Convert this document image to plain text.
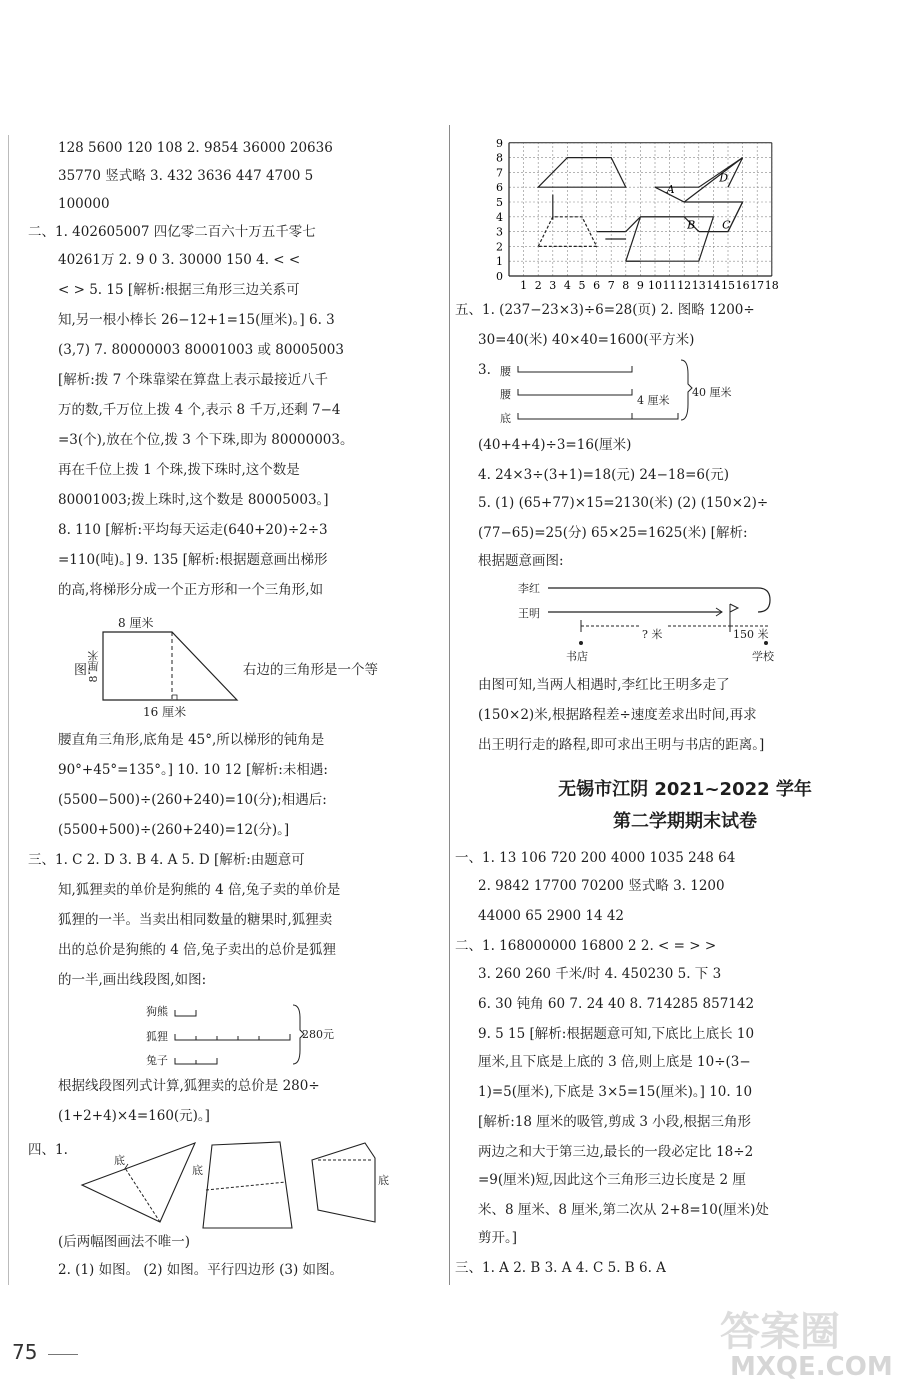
128 5600 120 108 2. 9854 36000 20636
35770 竖式略 3. 432 3636 447 4700 5
100000
二、1. 402605007 四亿零二百六十万五千零七
40261万 2. 9 0 3. 30000 150 4. < <
< > 5. 15 [解析:根据三角形三边关系可
知,另一根小棒长 26−12+1=15(厘米)。] 6. 3
(3,7) 7. 80000003 80001003 或 80005003
[解析:拨 7 个珠靠梁在算盘上表示最接近八千
万的数,千万位上拨 4 个,表示 8 千万,还剩 7−4
=3(个),放在个位,拨 3 个下珠,即为 80000003。
再在千位上拨 1 个珠,拨下珠时,这个数是
80001003;拨上珠时,这个数是 80005003。]
8. 110 [解析:平均每天运走(640+20)÷2÷3
=110(吨)。] 9. 135 [解析:根据题意画出梯形
的高,将梯形分成一个正方形和一个三角形,如
腰直角三角形,底角是 45°,所以梯形的钝角是
90°+45°=135°。] 10. 10 12 [解析:未相遇:
(5500−500)÷(260+240)=10(分);相遇后:
(5500+500)÷(260+240)=12(分)。]
三、1. C 2. D 3. B 4. A 5. D [解析:由题意可
知,狐狸卖的单价是狗熊的 4 倍,兔子卖的单价是
狐狸的一半。当卖出相同数量的糖果时,狐狸卖
出的总价是狗熊的 4 倍,兔子卖出的总价是狐狸
的一半,画出线段图,如图:
根据线段图列式计算,狐狸卖的总价是 280÷
(1+2+4)×4=160(元)。]
四、1.
(后两幅图画法不唯一)
2. (1) 如图。 (2) 如图。平行四边形 (3) 如图。
8 厘米
图:
8 厘米
16 厘米
右边的三角形是一个等
狗熊
狐狸
兔子
280元
底
底
底
9
8
7
6
5
4
3
2
1
0
1 2 3 4 5 6 7 8 9 10 11 12 13 14 15 16 17 18
A
B C
D
五、1. (237−23×3)÷6=28(页) 2. 图略 1200÷
30=40(米) 40×40=1600(平方米)
(40+4+4)÷3=16(厘米)
4. 24×3÷(3+1)=18(元) 24−18=6(元)
5. (1) (65+77)×15=2130(米) (2) (150×2)÷
(77−65)=25(分) 65×25=1625(米) [解析:
根据题意画图:
由图可知,当两人相遇时,李红比王明多走了
(150×2)米,根据路程差÷速度差求出时间,再求
出王明行走的路程,即可求出王明与书店的距离。]
3. 腰
腰
底
4 厘米
40 厘米
李红
王明
? 米	150 米
书店	学校
无锡市江阴 2021~2022 学年
第二学期期末试卷
一、1. 13 106 720 200 4000 1035 248 64
2. 9842 17700 70200 竖式略 3. 1200
44000 65 2900 14 42
二、1. 168000000 16800 2 2. < = > >
3. 260 260 千米/时 4. 450230 5. 下 3
6. 30 钝角 60 7. 24 40 8. 714285 857142
9. 5 15 [解析:根据题意可知,下底比上底长 10
厘米,且下底是上底的 3 倍,则上底是 10÷(3−
1)=5(厘米),下底是 3×5=15(厘米)。] 10. 10
[解析:18 厘米的吸管,剪成 3 小段,根据三角形
两边之和大于第三边,最长的一段必定比 18÷2
=9(厘米)短,因此这个三角形三边长度是 2 厘
米、8 厘米、8 厘米,第二次从 2+8=10(厘米)处
剪开。]
三、1. A 2. B 3. A 4. C 5. B 6. A
75	答案圈
MXQE.COM
